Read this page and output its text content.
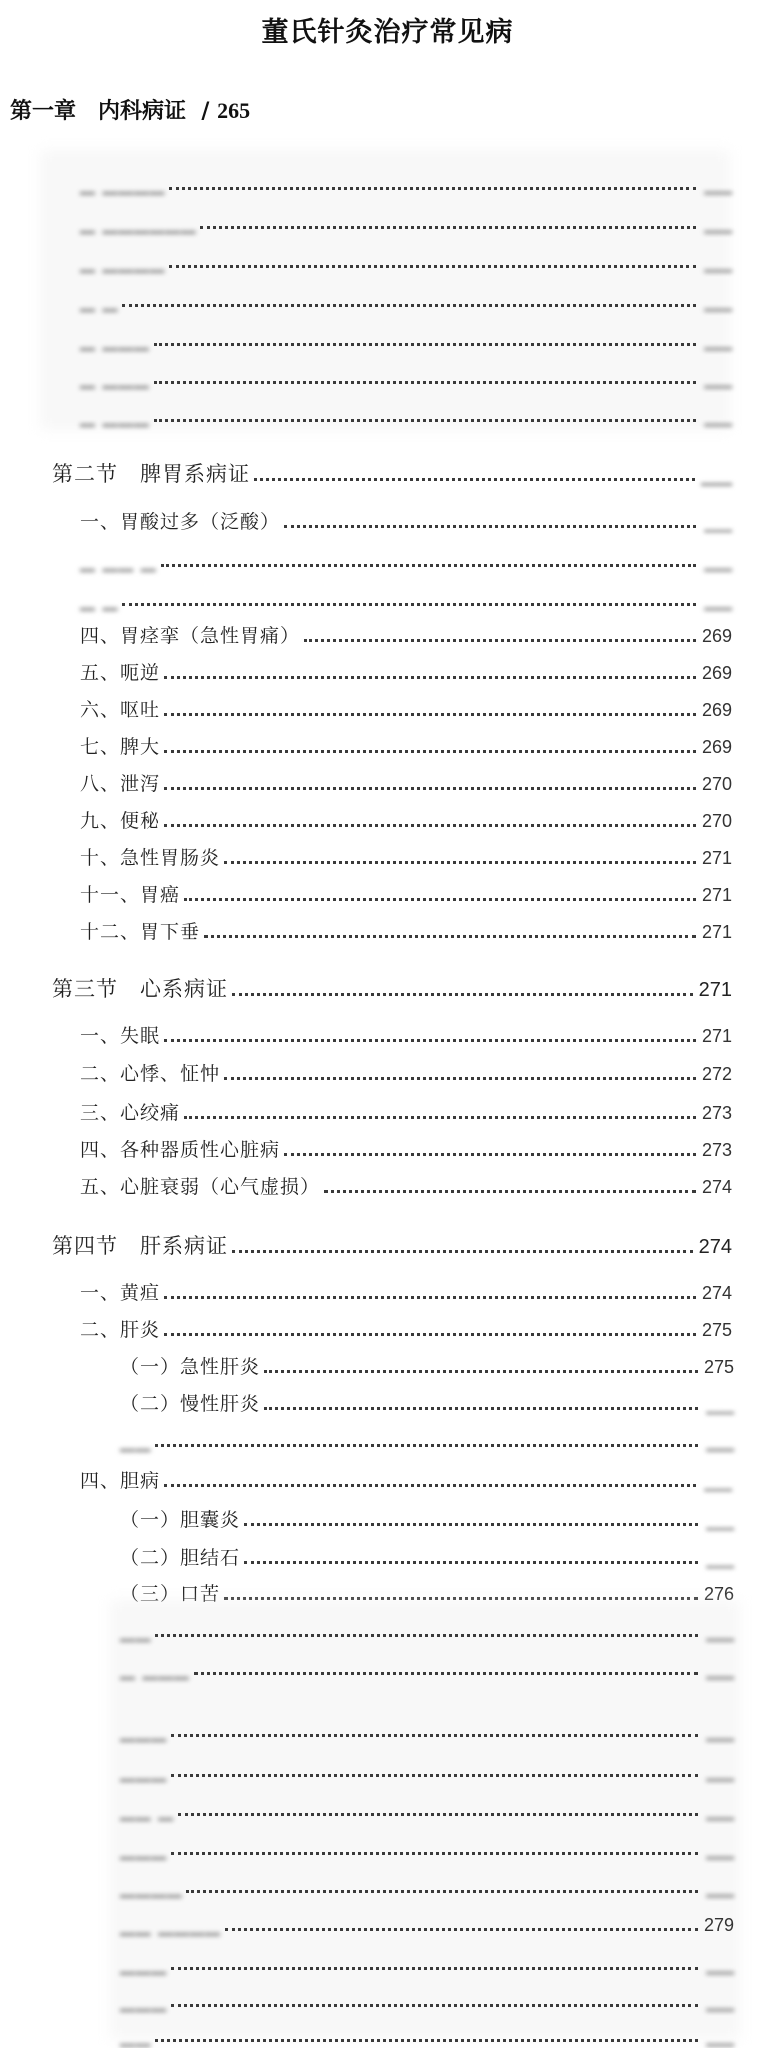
董氏针灸治疗常见病
第一章　内科病证 / 265
▁ ▁▁▁▁	▁▁
▁ ▁▁▁▁▁▁	▁▁
▁ ▁▁▁▁	▁▁
▁ ▁	▁▁
▁ ▁▁▁	▁▁
▁ ▁▁▁	▁▁
▁ ▁▁▁	▁▁
第二节　脾胃系病证	▁▁
一、胃酸过多（泛酸）	▁▁
▁ ▁▁ ▁	▁▁
▁ ▁	▁▁
四、胃痉挛（急性胃痛）	269
五、呃逆	269
六、呕吐	269
七、脾大	269
八、泄泻	270
九、便秘	270
十、急性胃肠炎	271
十一、胃癌	271
十二、胃下垂	271
第三节　心系病证	271
一、失眠	271
二、心悸、怔忡	272
三、心绞痛	273
四、各种器质性心脏病	273
五、心脏衰弱（心气虚损）	274
第四节　肝系病证	274
一、黄疸	274
二、肝炎	275
（一）急性肝炎	275
（二）慢性肝炎	▁▁
▁▁	▁▁
四、胆病	▁▁
（一）胆囊炎	▁▁
（二）胆结石	▁▁
（三）口苦	276
▁▁	▁▁
▁ ▁▁▁	▁▁
▁▁▁	▁▁
▁▁▁	▁▁
▁▁ ▁	▁▁
▁▁▁	▁▁
▁▁▁▁	▁▁
▁▁ ▁▁▁▁	279
▁▁▁	▁▁
▁▁▁	▁▁
▁▁	▁▁
